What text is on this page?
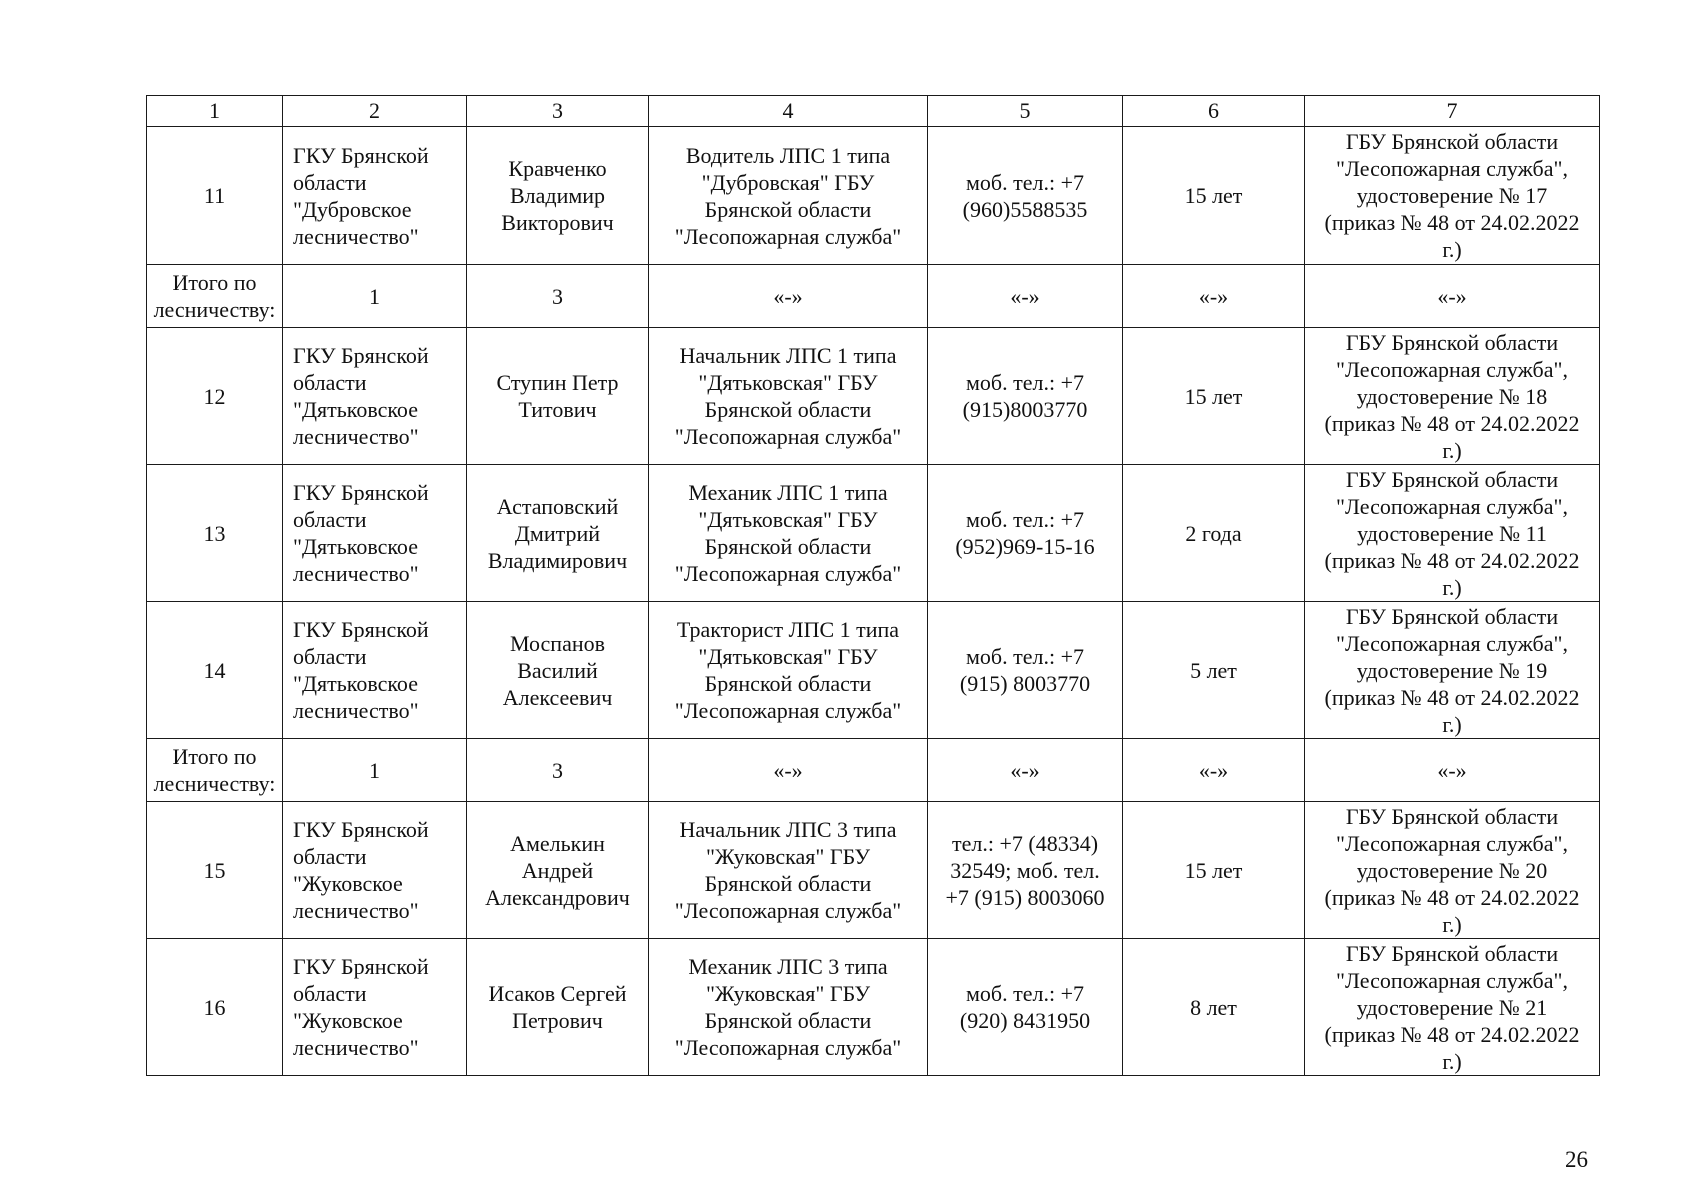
1	2	3	4	5	6	7
11	ГКУ Брянской
области
"Дубровское
лесничество"	Кравченко
Владимир
Викторович	Водитель ЛПС 1 типа
"Дубровская" ГБУ
Брянской области
"Лесопожарная служба"	моб. тел.: +7
(960)5588535	15 лет	ГБУ Брянской области
"Лесопожарная служба",
удостоверение № 17
(приказ № 48 от 24.02.2022
г.)
Итого по
лесничеству:	1	3	«-»	«-»	«-»	«-»
12	ГКУ Брянской
области
"Дятьковское
лесничество"	Ступин Петр
Титович	Начальник ЛПС 1 типа
"Дятьковская" ГБУ
Брянской области
"Лесопожарная служба"	моб. тел.: +7
(915)8003770	15 лет	ГБУ Брянской области
"Лесопожарная служба",
удостоверение № 18
(приказ № 48 от 24.02.2022
г.)
13	ГКУ Брянской
области
"Дятьковское
лесничество"	Астаповский
Дмитрий
Владимирович	Механик ЛПС 1 типа
"Дятьковская" ГБУ
Брянской области
"Лесопожарная служба"	моб. тел.: +7
(952)969-15-16	2 года	ГБУ Брянской области
"Лесопожарная служба",
удостоверение № 11
(приказ № 48 от 24.02.2022
г.)
14	ГКУ Брянской
области
"Дятьковское
лесничество"	Моспанов
Василий
Алексеевич	Тракторист ЛПС 1 типа
"Дятьковская" ГБУ
Брянской области
"Лесопожарная служба"	моб. тел.: +7
(915) 8003770	5 лет	ГБУ Брянской области
"Лесопожарная служба",
удостоверение № 19
(приказ № 48 от 24.02.2022
г.)
Итого по
лесничеству:	1	3	«-»	«-»	«-»	«-»
15	ГКУ Брянской
области
"Жуковское
лесничество"	Амелькин
Андрей
Александрович	Начальник ЛПС 3 типа
"Жуковская" ГБУ
Брянской области
"Лесопожарная служба"	тел.: +7 (48334)
32549; моб. тел.
+7 (915) 8003060	15 лет	ГБУ Брянской области
"Лесопожарная служба",
удостоверение № 20
(приказ № 48 от 24.02.2022
г.)
16	ГКУ Брянской
области
"Жуковское
лесничество"	Исаков Сергей
Петрович	Механик ЛПС 3 типа
"Жуковская" ГБУ
Брянской области
"Лесопожарная служба"	моб. тел.: +7
(920) 8431950	8 лет	ГБУ Брянской области
"Лесопожарная служба",
удостоверение № 21
(приказ № 48 от 24.02.2022
г.)
26
